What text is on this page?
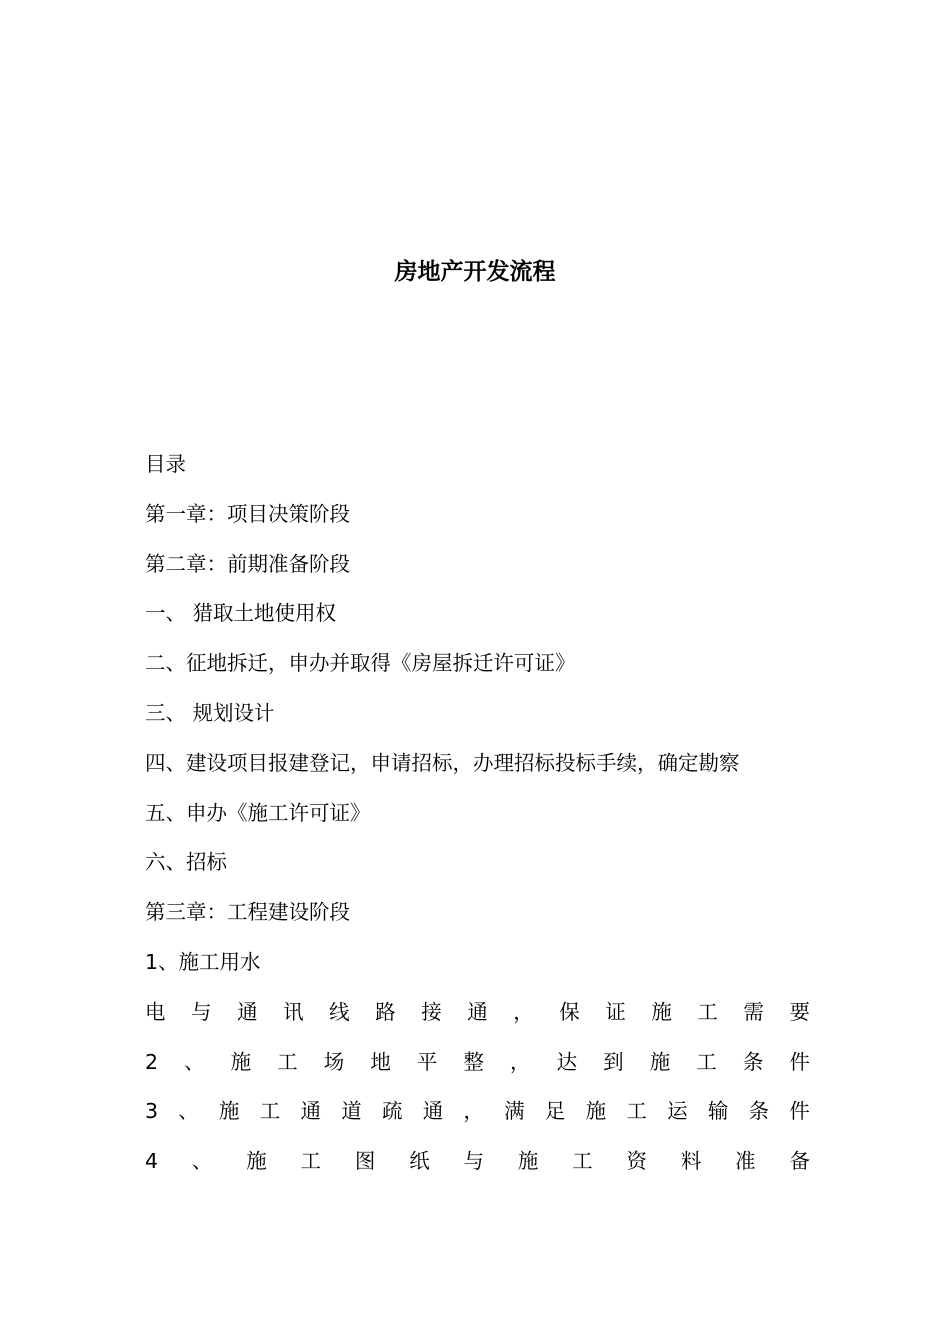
房地产开发流程
目录
第一章：项目决策阶段
第二章：前期准备阶段
一、 猎取土地使用权
二、征地拆迁，申办并取得《房屋拆迁许可证》
三、 规划设计
四、建设项目报建登记，申请招标，办理招标投标手续，确定勘察
五、申办《施工许可证》
六、招标
第三章：工程建设阶段
1、施工用水
电 与 通 讯 线 路 接 通 ， 保 证 施 工 需 要
2 、 施 工 场 地 平 整 ， 达 到 施 工 条 件
3 、 施 工 通 道 疏 通 ， 满 足 施 工 运 输 条 件
4 、 施 工 图 纸 与 施 工 资 料 准 备
